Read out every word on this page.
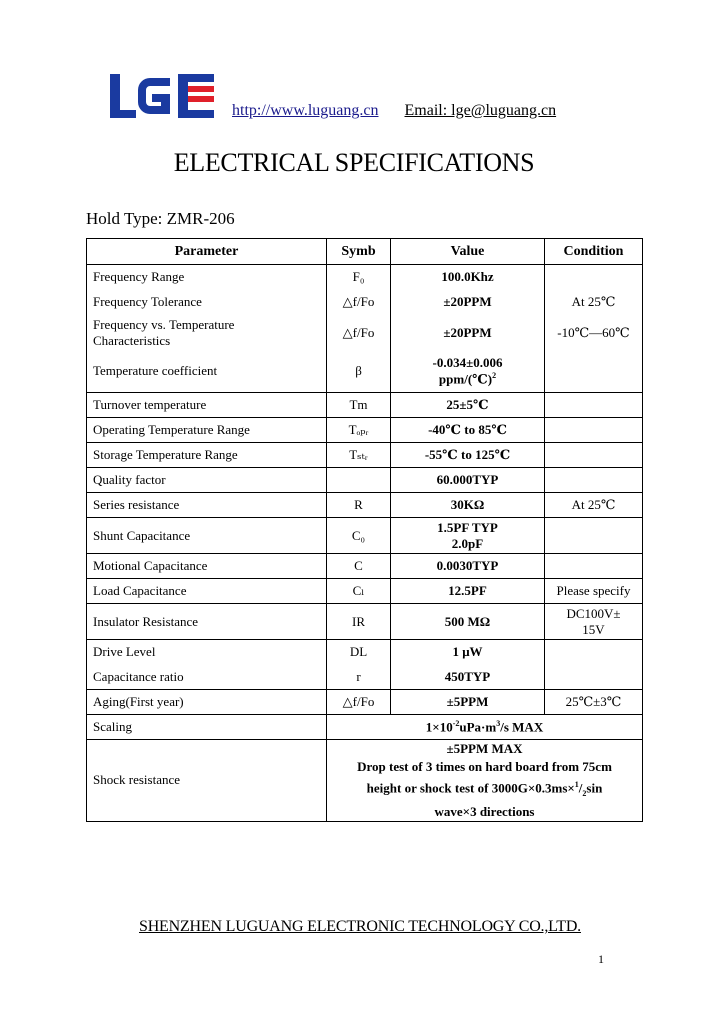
http://www.luguang.cn Email: lge@luguang.cn
ELECTRICAL SPECIFICATIONS
Hold Type: ZMR-206
Parameter	Symb	Value	Condition
Frequency Range	F₀	100.0Khz	
Frequency Tolerance	△f/Fo	±20PPM	At 25℃
Frequency vs. Temperature
Characteristics	△f/Fo	±20PPM	-10℃—60℃
Temperature coefficient	β	-0.034±0.006
ppm/(℃)$^2$	
Turnover temperature	Tm	25±5℃	
Operating Temperature Range	Tₒₚᵣ	-40℃ to 85℃	
Storage Temperature Range	Tₛₜᵣ	-55℃ to 125℃	
Quality factor		60.000TYP	
Series resistance	R	30KΩ	At 25℃
Shunt Capacitance	C₀	1.5PF TYP
2.0pF	
Motional Capacitance	C	0.0030TYP	
Load Capacitance	Cₗ	12.5PF	Please specify
Insulator Resistance	IR	500 MΩ	DC100V±
15V
Drive Level	DL	1 μW	
Capacitance ratio	r	450TYP	
Aging(First year)	△f/Fo	±5PPM	25℃±3℃
Scaling	$1\times 10^{-2}uPa\cdot m^3/s$ MAX		
Shock resistance	±5PPM MAX
Drop test of 3 times on hard board from 75cm
height or shock test of $3000G\times 0.3ms\times^1/_2\sin$
wave×3 directions		
SHENZHEN LUGUANG ELECTRONIC TECHNOLOGY CO.,LTD.
1
